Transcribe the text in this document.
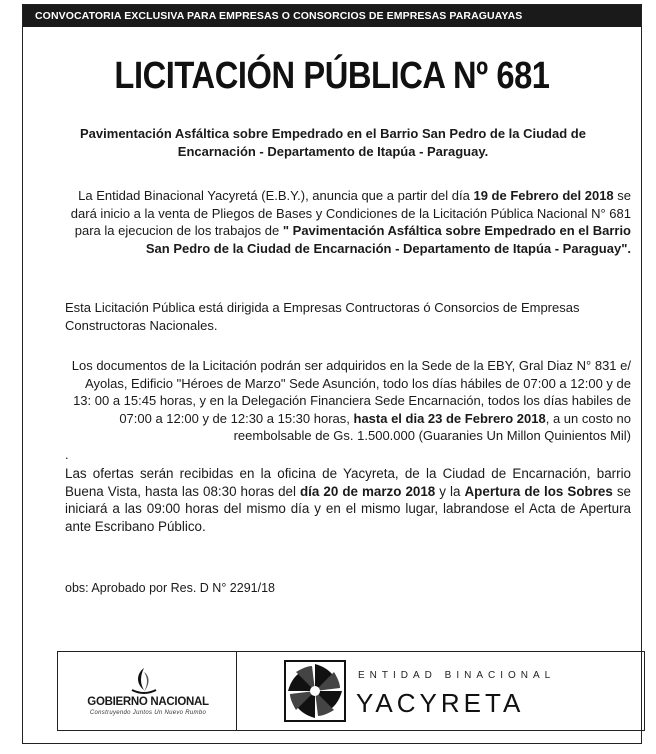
CONVOCATORIA EXCLUSIVA PARA EMPRESAS O CONSORCIOS DE EMPRESAS PARAGUAYAS
LICITACIÓN PÚBLICA Nº 681
Pavimentación Asfáltica sobre Empedrado en el Barrio San Pedro de la Ciudad de Encarnación - Departamento de Itapúa - Paraguay.
La Entidad Binacional Yacyretá (E.B.Y.), anuncia que a partir del día 19 de Febrero del 2018 se dará inicio a la venta de Pliegos de Bases y Condiciones de la Licitación Pública Nacional N° 681 para la ejecucion de los trabajos de " Pavimentación Asfáltica sobre Empedrado en el Barrio San Pedro de la Ciudad de Encarnación - Departamento de Itapúa - Paraguay".
Esta Licitación Pública está dirigida a Empresas Contructoras ó Consorcios de Empresas Constructoras Nacionales.
Los documentos de la Licitación podrán ser adquiridos en la Sede de la EBY, Gral Diaz N° 831 e/ Ayolas, Edificio "Héroes de Marzo" Sede Asunción, todo los días hábiles de 07:00 a 12:00 y de 13: 00 a 15:45 horas, y en la Delegación Financiera Sede Encarnación, todos los días habiles de 07:00 a 12:00 y de 12:30 a 15:30 horas, hasta el dia 23 de Febrero 2018, a un costo no reembolsable de Gs. 1.500.000 (Guaranies Un Millon Quinientos Mil)
.
Las ofertas serán recibidas en la oficina de Yacyreta, de la Ciudad de Encarnación, barrio Buena Vista, hasta las 08:30 horas del día 20 de marzo 2018 y la Apertura de los Sobres se iniciará a las 09:00 horas del mismo día y en el mismo lugar, labrandose el Acta de Apertura ante Escribano Público.
obs: Aprobado por Res. D N° 2291/18
GOBIERNO NACIONAL
Construyendo Juntos Un Nuevo Rumbo
ENTIDAD BINACIONAL
YACYRETA
